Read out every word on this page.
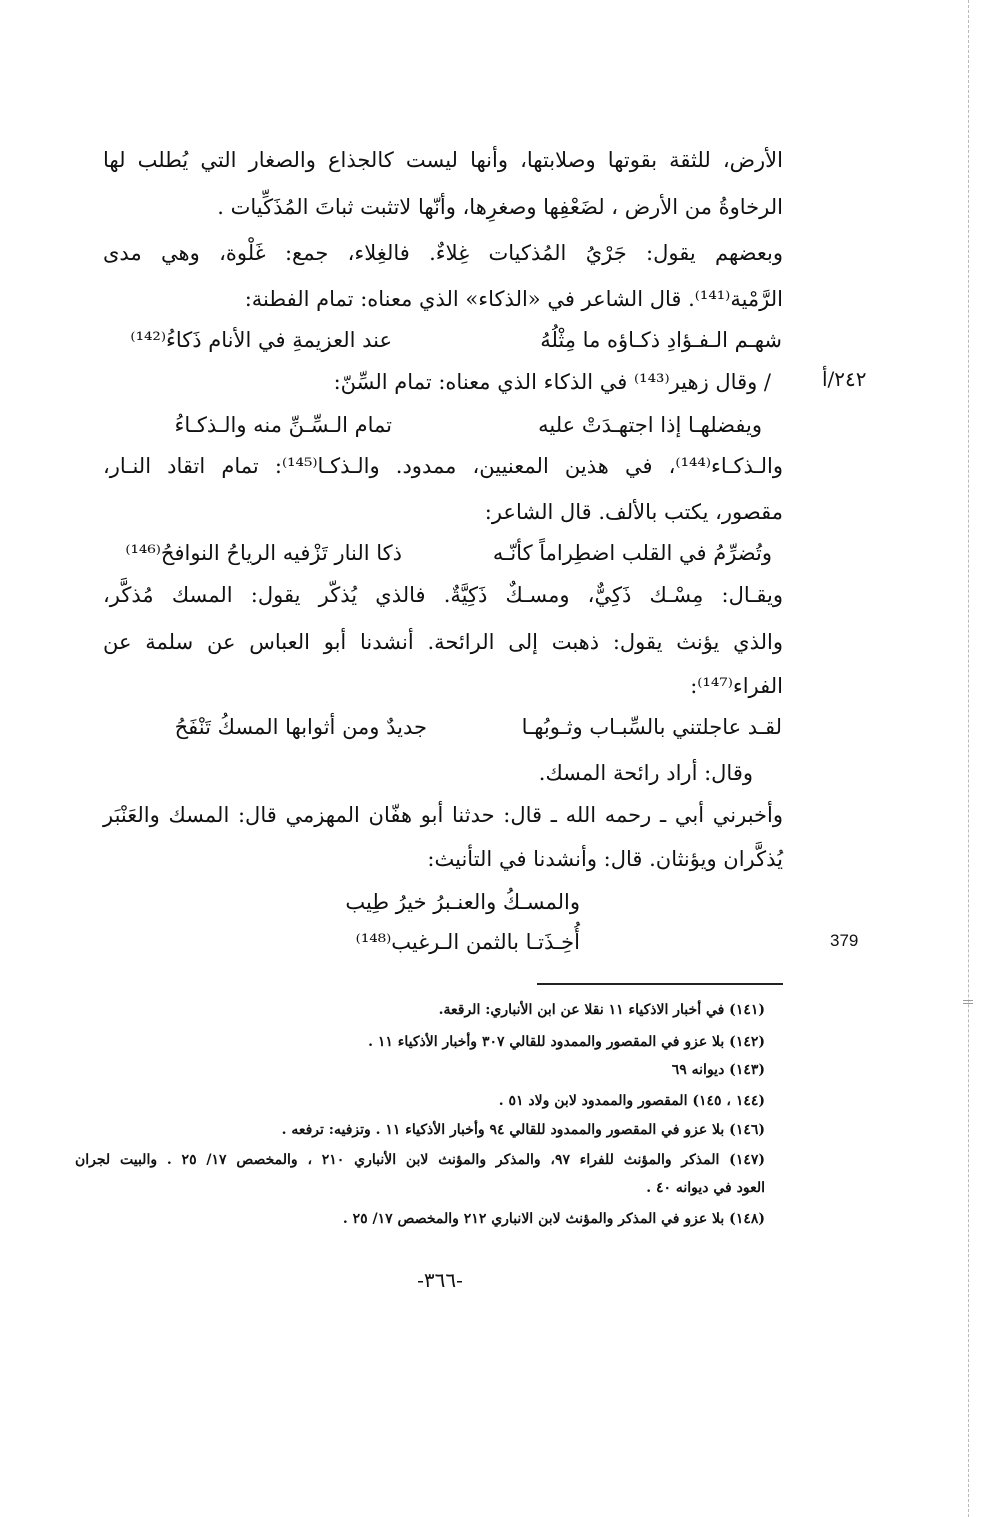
الأرض، للثقة بقوتها وصلابتها، وأنها ليست كالجذاع والصغار التي يُطلب لها
الرخاوةُ من الأرض ، لضَعْفِها وصغرِها، وأنّها لاتثبت ثباتَ المُذَكِّيات .
وبعضهم يقول: جَرْيُ المُذكيات غِلاءٌ. فالغِلاء، جمع: غَلْوة، وهي مدى
الرَّمْية⁽¹⁴¹⁾. قال الشاعر في «الذكاء» الذي معناه: تمام الفطنة:
شهـم الـفـؤادِ ذكـاؤه ما مِثْلُهُ
عند العزيمةِ في الأنام ذَكاءُ⁽¹⁴²⁾
٢٤٢/أ
/ وقال زهير⁽¹⁴³⁾ في الذكاء الذي معناه: تمام السِّنّ:
ويفضلهـا إذا اجتهـدَتْ عليه
تمام الـسِّـنِّ منه والـذكـاءُ
والـذكـاء⁽¹⁴⁴⁾، في هذين المعنيين، ممدود. والـذكـا⁽¹⁴⁵⁾: تمام اتقاد النـار،
مقصور، يكتب بالألف. قال الشاعر:
وتُضرِّمُ في القلب اضطِراماً كأنّـه
ذكا النار تَزْفيه الرياحُ النوافحُ⁽¹⁴⁶⁾
ويقـال: مِسْـك ذَكِيٌّ، ومسـكٌ ذَكِيَّةٌ. فالذي يُذكّر يقول: المسك مُذكَّر،
والذي يؤنث يقول: ذهبت إلى الرائحة. أنشدنا أبو العباس عن سلمة عن
الفراء⁽¹⁴⁷⁾:
لقـد عاجلتني بالسِّبـاب وثـوبُهـا
جديدٌ ومن أثوابها المسكُ تَنْفَحُ
وقال: أراد رائحة المسك.
وأخبرني أبي ـ رحمه الله ـ قال: حدثنا أبو هفّان المهزمي قال: المسك والعَنْبَر
يُذكَّران ويؤنثان. قال: وأنشدنا في التأنيث:
والمسـكُ والعنـبرُ خيرُ طِيب
أُخِـذَتـا بالثمن الـرغيب⁽¹⁴⁸⁾	379
(١٤١) في أخبار الاذكياء ١١ نقلا عن ابن الأنباري: الرقعة.
(١٤٢) بلا عزو في المقصور والممدود للقالي ٣٠٧ وأخبار الأذكياء ١١ .
(١٤٣) ديوانه ٦٩
(١٤٤ ، ١٤٥) المقصور والممدود لابن ولاد ٥١ .
(١٤٦) بلا عزو في المقصور والممدود للقالي ٩٤ وأخبار الأذكياء ١١ . وتزفيه: ترفعه .
(١٤٧) المذكر والمؤنث للفراء ٩٧، والمذكر والمؤنث لابن الأنباري ٢١٠ ، والمخصص ١٧/ ٢٥ . والبيت لجران
العود في ديوانه ٤٠ .
(١٤٨) بلا عزو في المذكر والمؤنث لابن الانباري ٢١٢ والمخصص ١٧/ ٢٥ .
-٣٦٦-
